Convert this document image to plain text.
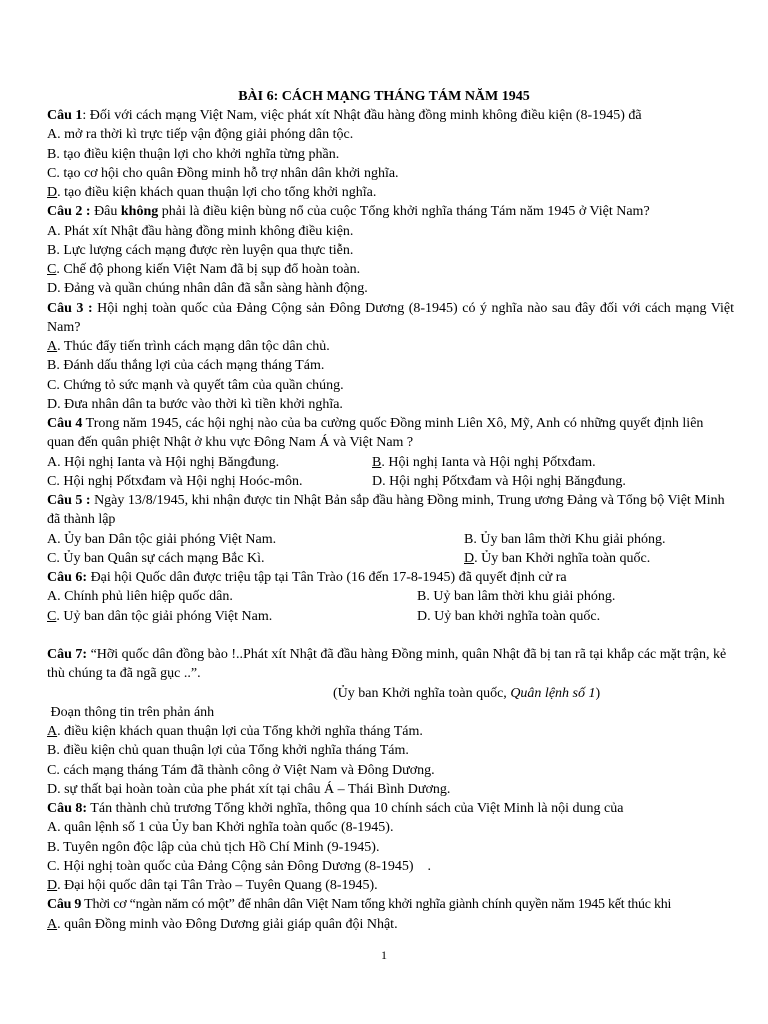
BÀI 6: CÁCH MẠNG THÁNG TÁM NĂM 1945
Câu 1: Đối với cách mạng Việt Nam, việc phát xít Nhật đầu hàng đồng minh không điều kiện (8-1945) đã
A. mở ra thời kì trực tiếp vận động giải phóng dân tộc.
B. tạo điều kiện thuận lợi cho khởi nghĩa từng phần.
C. tạo cơ hội cho quân Đồng minh hỗ trợ nhân dân khởi nghĩa.
D. tạo điều kiện khách quan thuận lợi cho tổng khởi nghĩa.
Câu 2 : Đâu không phải là điều kiện bùng nổ của cuộc Tổng khởi nghĩa tháng Tám năm 1945 ở Việt Nam?
A. Phát xít Nhật đầu hàng đồng minh không điều kiện.
B. Lực lượng cách mạng được rèn luyện qua thực tiễn.
C. Chế độ phong kiến Việt Nam đã bị sụp đổ hoàn toàn.
D. Đảng và quần chúng nhân dân đã sẵn sàng hành động.
Câu 3 : Hội nghị toàn quốc của Đảng Cộng sản Đông Dương (8-1945) có ý nghĩa nào sau đây đối với cách mạng Việt Nam?
A. Thúc đẩy tiến trình cách mạng dân tộc dân chủ.
B. Đánh dấu thắng lợi của cách mạng tháng Tám.
C. Chứng tỏ sức mạnh và quyết tâm của quần chúng.
D. Đưa nhân dân ta bước vào thời kì tiền khởi nghĩa.
Câu 4 Trong năm 1945, các hội nghị nào của ba cường quốc Đồng minh Liên Xô, Mỹ, Anh có những quyết định liên quan đến quân phiệt Nhật ở khu vực Đông Nam Á và Việt Nam ?
A. Hội nghị Ianta và Hội nghị Băngđung.	B. Hội nghị Ianta và Hội nghị Pốtxđam.
C. Hội nghị Pốtxđam và Hội nghị Hoóc-môn.	D. Hội nghị Pốtxđam và Hội nghị Băngđung.
Câu 5 : Ngày 13/8/1945, khi nhận được tin Nhật Bản sắp đầu hàng Đồng minh, Trung ương Đảng và Tổng bộ Việt Minh đã thành lập
A. Ủy ban Dân tộc giải phóng Việt Nam.	B. Ủy ban lâm thời Khu giải phóng.
C. Ủy ban Quân sự cách mạng Bắc Kì.	D. Ủy ban Khởi nghĩa toàn quốc.
Câu 6: Đại hội Quốc dân được triệu tập tại Tân Trào (16 đến 17-8-1945) đã quyết định cử ra
A. Chính phủ liên hiệp quốc dân.	B. Uỷ ban lâm thời khu giải phóng.
C. Uỷ ban dân tộc giải phóng Việt Nam.	D. Uỷ ban khởi nghĩa toàn quốc.
Câu 7: “Hỡi quốc dân đồng bào !..Phát xít Nhật đã đầu hàng Đồng minh, quân Nhật đã bị tan rã tại khắp các mặt trận, kẻ thù chúng ta đã ngã gục ..”.
(Ủy ban Khởi nghĩa toàn quốc, Quân lệnh số 1)
Đoạn thông tin trên phản ánh
A. điều kiện khách quan thuận lợi của Tổng khởi nghĩa tháng Tám.
B. điều kiện chủ quan thuận lợi của Tổng khởi nghĩa tháng Tám.
C. cách mạng tháng Tám đã thành công ở Việt Nam và Đông Dương.
D. sự thất bại hoàn toàn của phe phát xít tại châu Á – Thái Bình Dương.
Câu 8: Tán thành chủ trương Tổng khởi nghĩa, thông qua 10 chính sách của Việt Minh là nội dung của
A. quân lệnh số 1 của Ủy ban Khởi nghĩa toàn quốc (8-1945).
B. Tuyên ngôn độc lập của chủ tịch Hồ Chí Minh (9-1945).
C. Hội nghị toàn quốc của Đảng Cộng sản Đông Dương (8-1945)    .
D. Đại hội quốc dân tại Tân Trào – Tuyên Quang (8-1945).
Câu 9 Thời cơ “ngàn năm có một” để nhân dân Việt Nam tổng khởi nghĩa giành chính quyền năm 1945 kết thúc khi
A. quân Đồng minh vào Đông Dương giải giáp quân đội Nhật.
1
